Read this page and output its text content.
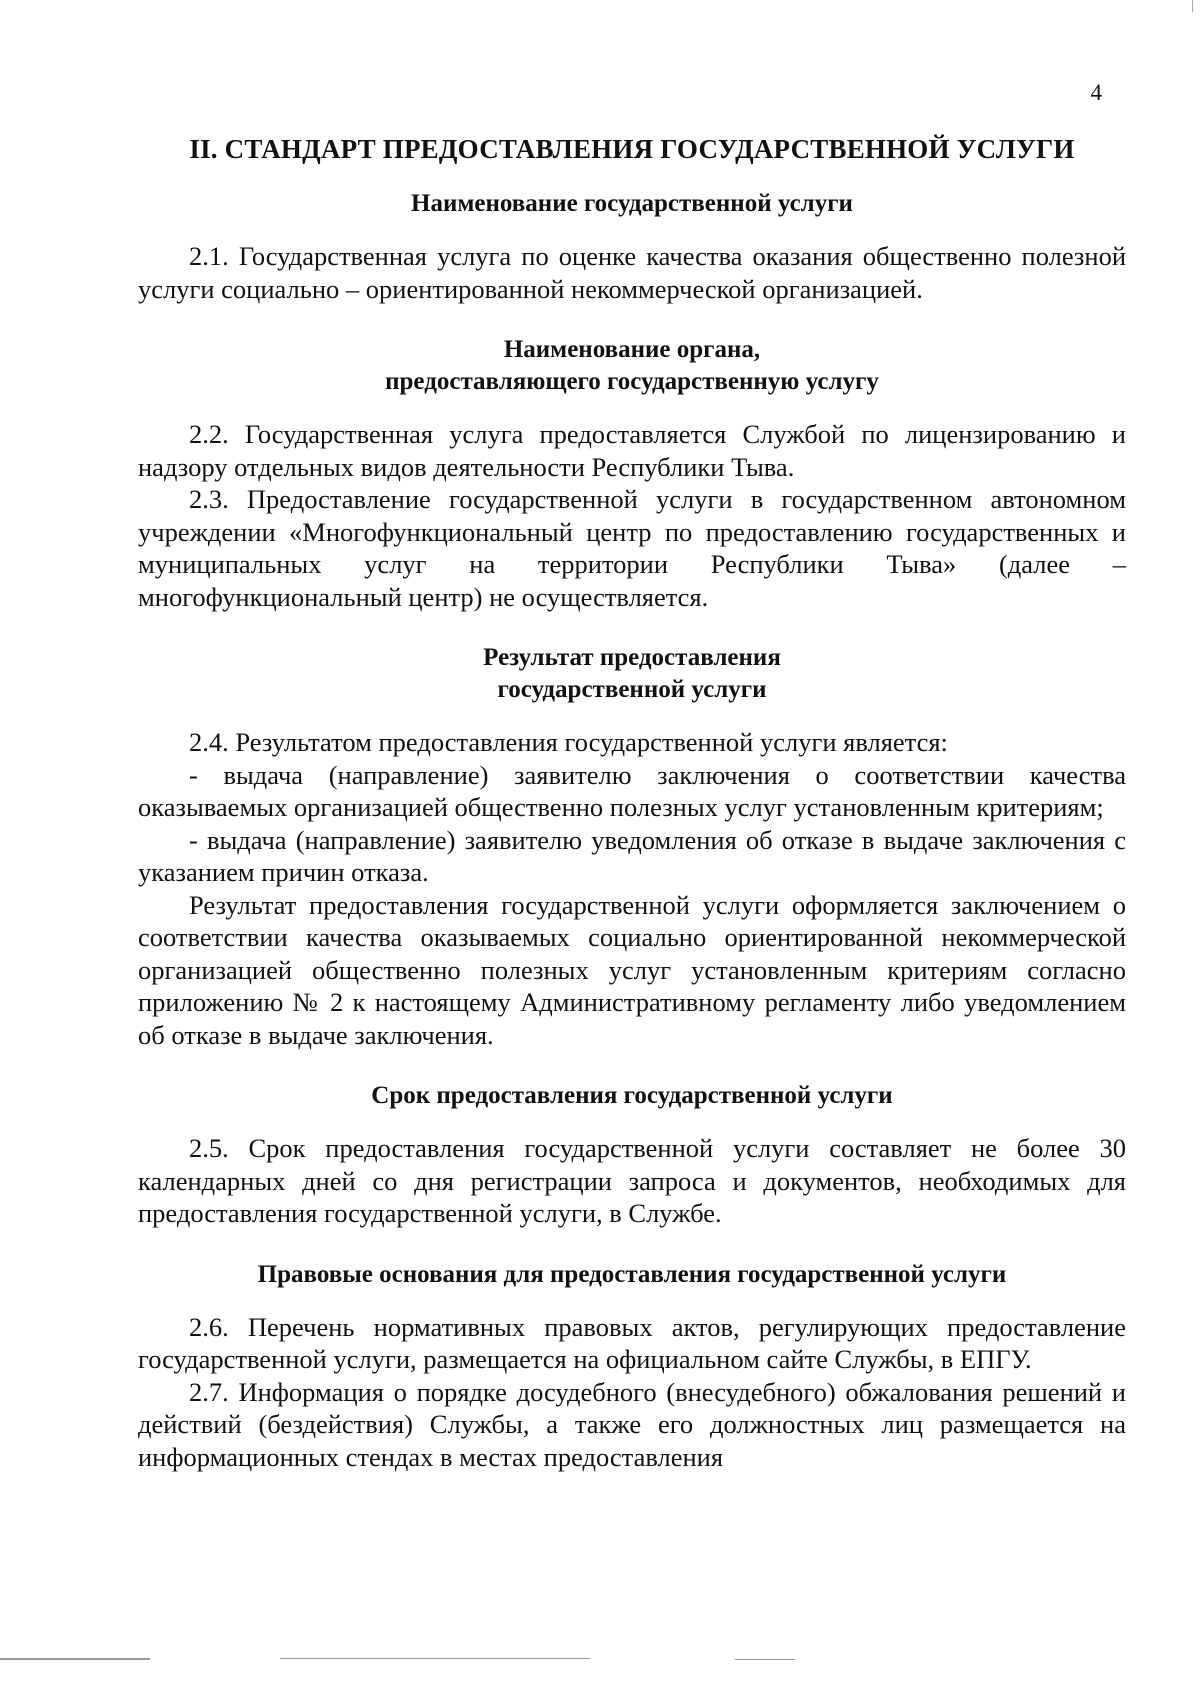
4
II. СТАНДАРТ ПРЕДОСТАВЛЕНИЯ ГОСУДАРСТВЕННОЙ УСЛУГИ
Наименование государственной услуги

2.1. Государственная услуга по оценке качества оказания общественно полезной услуги социально – ориентированной некоммерческой организацией.

Наименование органа,
предоставляющего государственную услугу

2.2. Государственная услуга предоставляется Службой по лицензированию и надзору отдельных видов деятельности Республики Тыва.

2.3. Предоставление государственной услуги в государственном автономном учреждении «Многофункциональный центр по предоставлению государственных и муниципальных услуг на территории Республики Тыва» (далее – многофункциональный центр) не осуществляется.

Результат предоставления
государственной услуги

2.4. Результатом предоставления государственной услуги является:

- выдача (направление) заявителю заключения о соответствии качества оказываемых организацией общественно полезных услуг установленным критериям;

- выдача (направление) заявителю уведомления об отказе в выдаче заключения с указанием причин отказа.

Результат предоставления государственной услуги оформляется заключением о соответствии качества оказываемых социально ориентированной некоммерческой организацией общественно полезных услуг установленным критериям согласно приложению № 2 к настоящему Административному регламенту либо уведомлением об отказе в выдаче заключения.

Срок предоставления государственной услуги

2.5. Срок предоставления государственной услуги составляет не более 30 календарных дней со дня регистрации запроса и документов, необходимых для предоставления государственной услуги, в Службе.

Правовые основания для предоставления государственной услуги

2.6. Перечень нормативных правовых актов, регулирующих предоставление государственной услуги, размещается на официальном сайте Службы, в ЕПГУ.

2.7. Информация о порядке досудебного (внесудебного) обжалования решений и действий (бездействия) Службы, а также его должностных лиц размещается на информационных стендах в местах предоставления
